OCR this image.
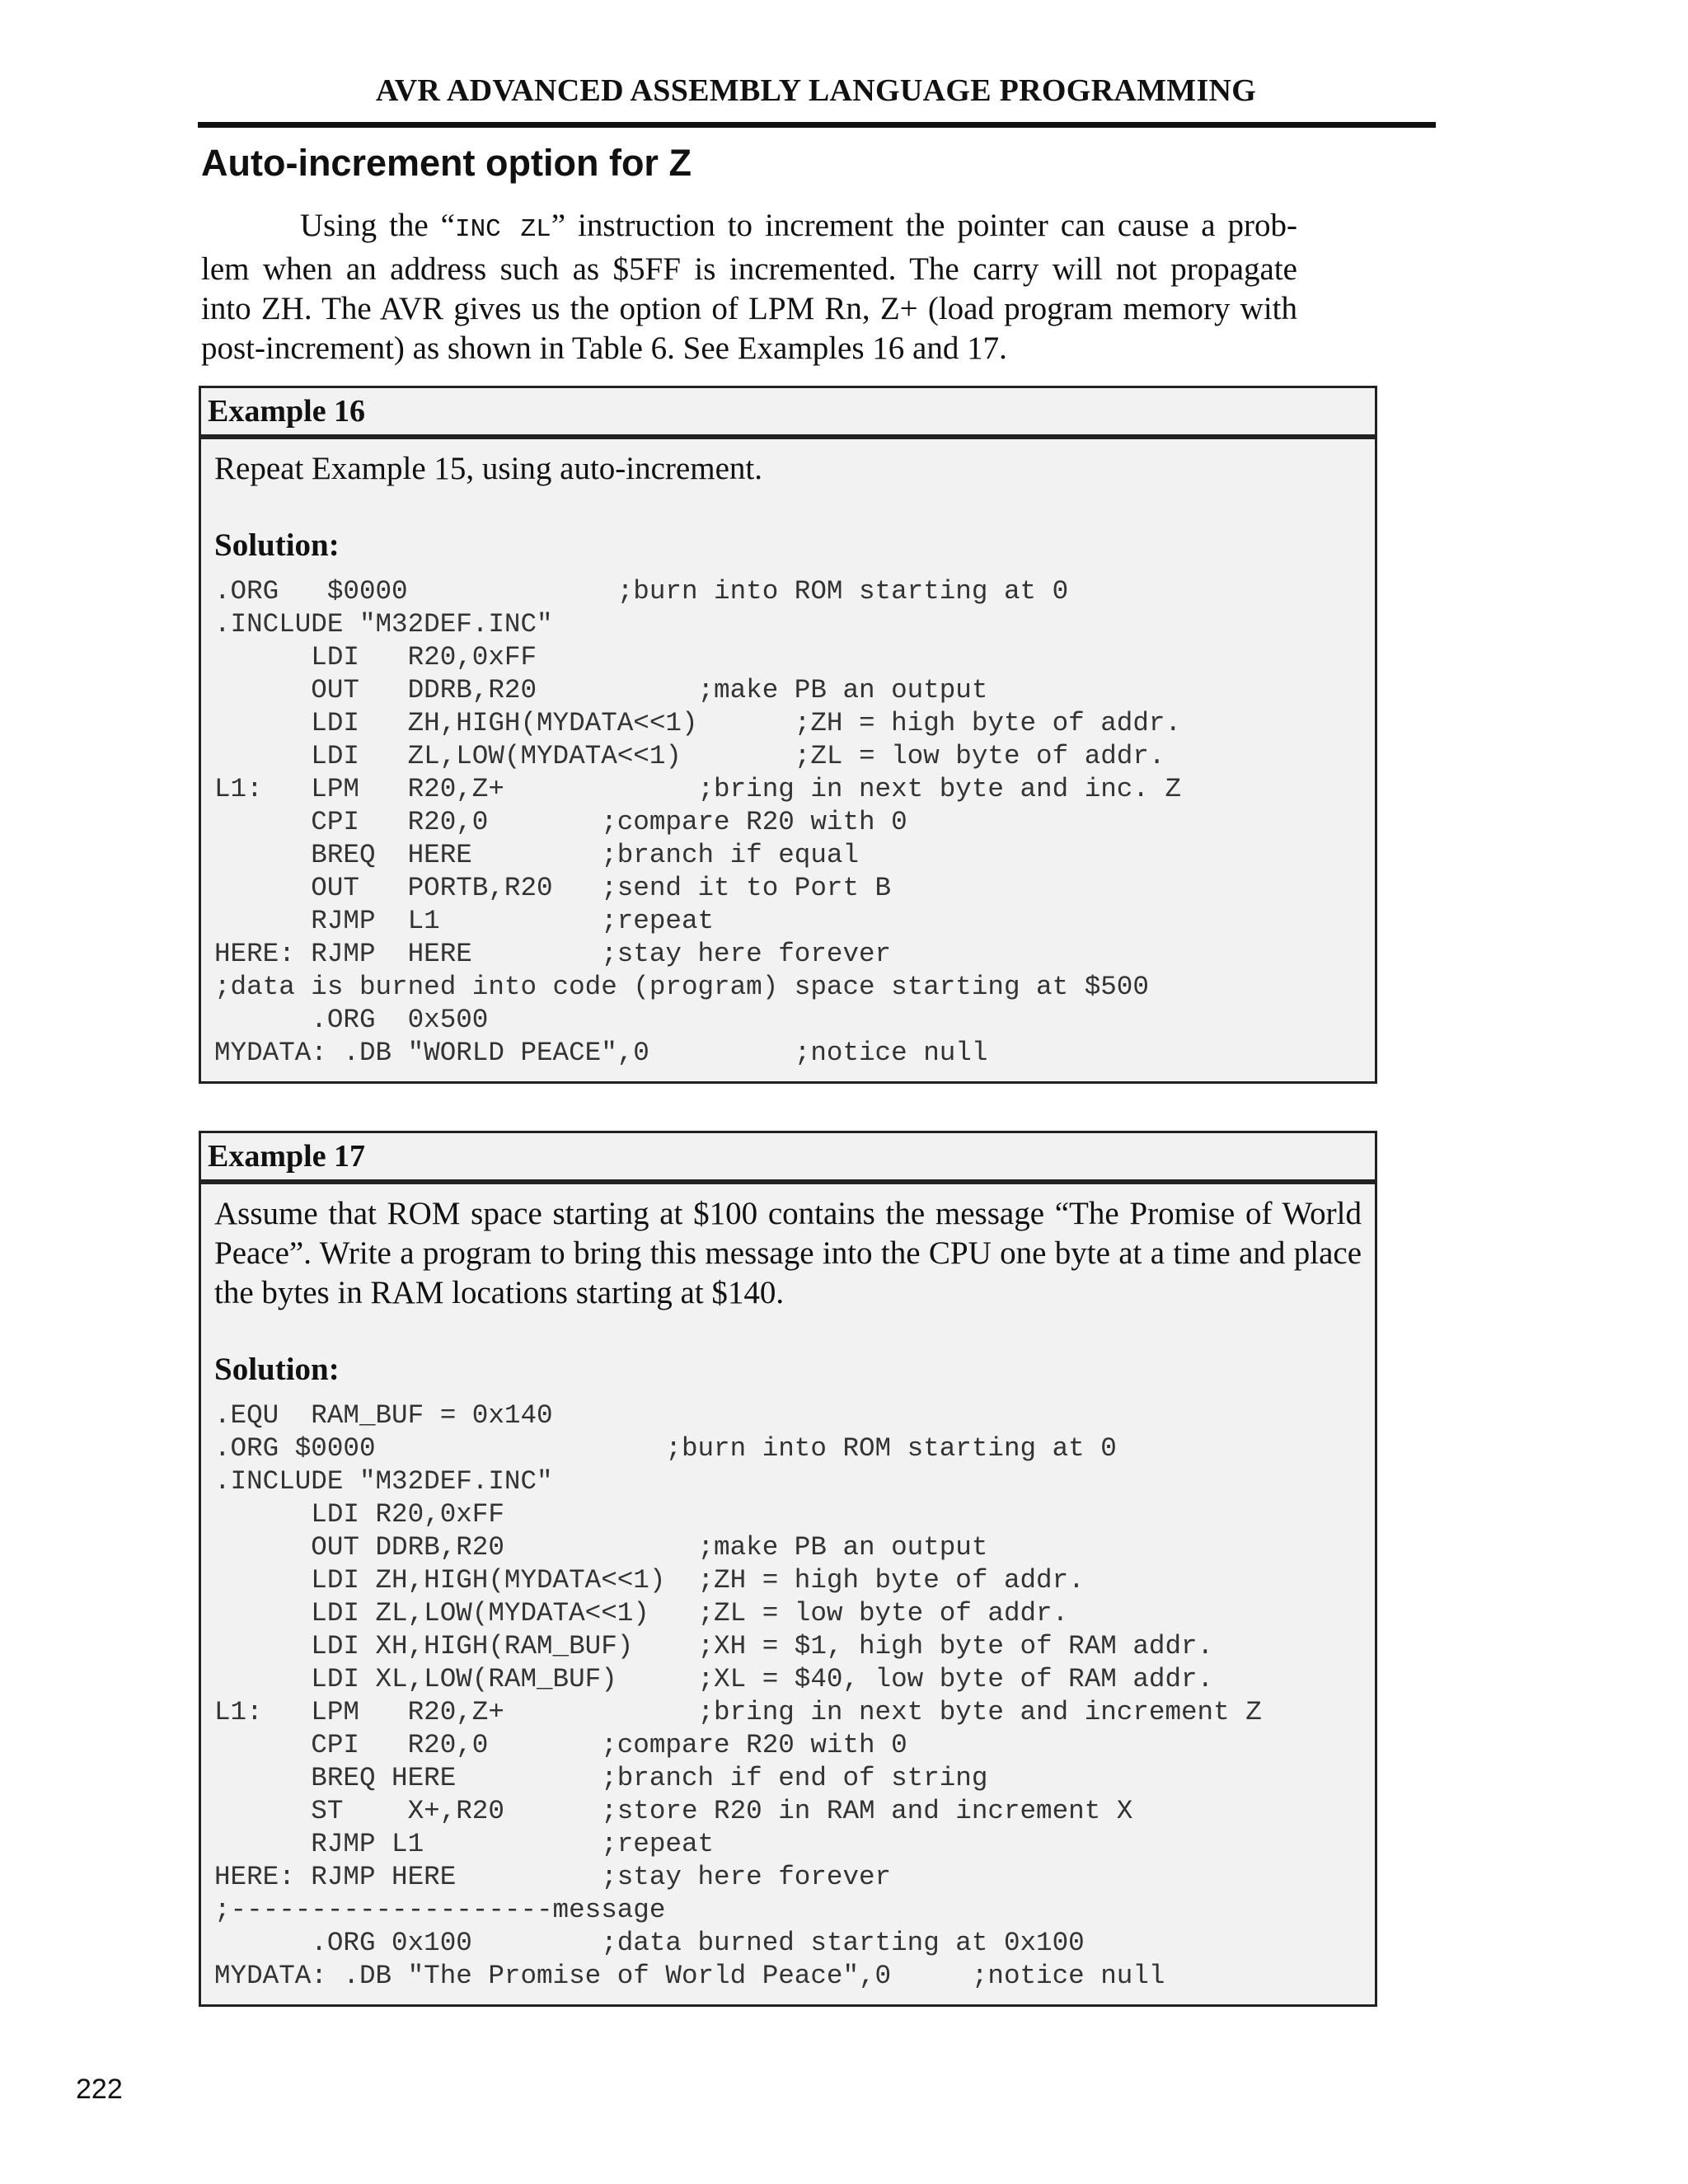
AVR ADVANCED ASSEMBLY LANGUAGE PROGRAMMING
Auto-increment option for Z
Using the “INC ZL” instruction to increment the pointer can cause a prob-
lem when an address such as $5FF is incremented. The carry will not propagate
into ZH. The AVR gives us the option of LPM Rn, Z+ (load program memory with
post-increment) as shown in Table 6. See Examples 16 and 17.
Example 16
Repeat Example 15, using auto-increment.
Solution:
.ORG   $0000             ;burn into ROM starting at 0
.INCLUDE "M32DEF.INC"
LDI   R20,0xFF
OUT   DDRB,R20          ;make PB an output
LDI   ZH,HIGH(MYDATA<<1)      ;ZH = high byte of addr.
LDI   ZL,LOW(MYDATA<<1)       ;ZL = low byte of addr.
L1:   LPM   R20,Z+            ;bring in next byte and inc. Z
CPI   R20,0       ;compare R20 with 0
BREQ  HERE        ;branch if equal
OUT   PORTB,R20   ;send it to Port B
RJMP  L1          ;repeat
HERE: RJMP  HERE        ;stay here forever
;data is burned into code (program) space starting at $500
.ORG  0x500
MYDATA: .DB "WORLD PEACE",0         ;notice null

Example 17
Assume that ROM space starting at $100 contains the message “The Promise of World
Peace”. Write a program to bring this message into the CPU one byte at a time and place
the bytes in RAM locations starting at $140.
Solution:
.EQU  RAM_BUF = 0x140
.ORG $0000                  ;burn into ROM starting at 0
.INCLUDE "M32DEF.INC"
LDI R20,0xFF
OUT DDRB,R20            ;make PB an output
LDI ZH,HIGH(MYDATA<<1)  ;ZH = high byte of addr.
LDI ZL,LOW(MYDATA<<1)   ;ZL = low byte of addr.
LDI XH,HIGH(RAM_BUF)    ;XH = $1, high byte of RAM addr.
LDI XL,LOW(RAM_BUF)     ;XL = $40, low byte of RAM addr.
L1:   LPM   R20,Z+            ;bring in next byte and increment Z
CPI   R20,0       ;compare R20 with 0
BREQ HERE         ;branch if end of string
ST    X+,R20      ;store R20 in RAM and increment X
RJMP L1           ;repeat
HERE: RJMP HERE         ;stay here forever
;--------------------message
.ORG 0x100        ;data burned starting at 0x100
MYDATA: .DB "The Promise of World Peace",0     ;notice null

222
